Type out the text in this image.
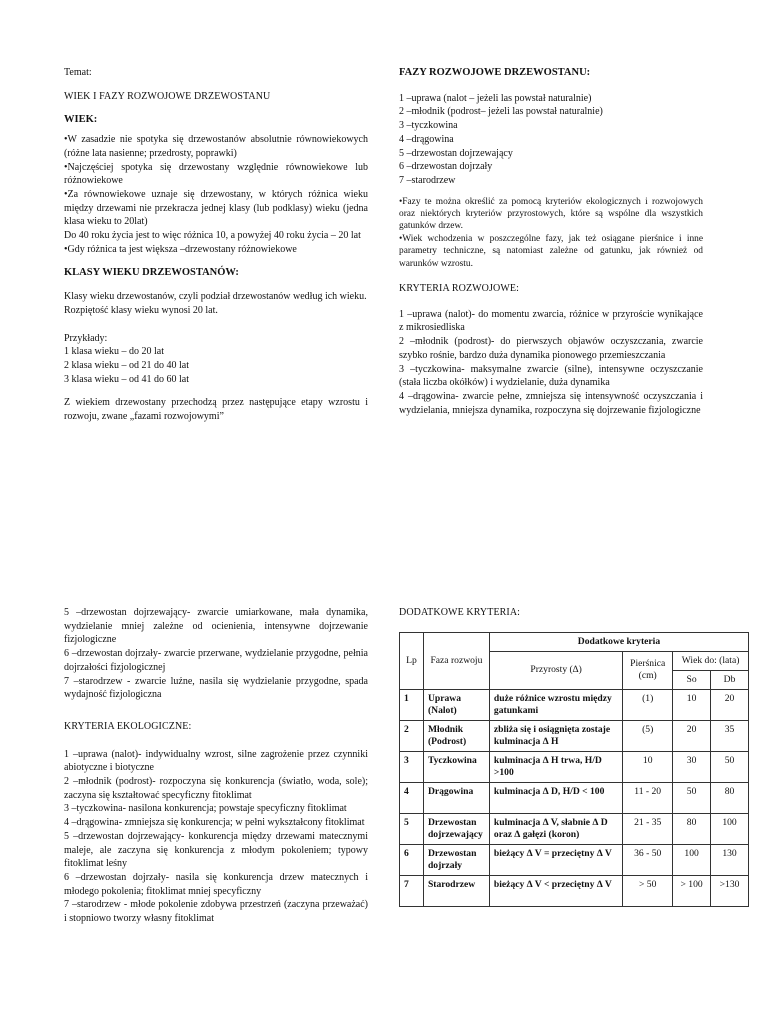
Temat:

WIEK I FAZY ROZWOJOWE DRZEWOSTANU

WIEK:

•W zasadzie nie spotyka się drzewostanów absolutnie równowiekowych (różne lata nasienne; przedrosty, poprawki)

•Najczęściej spotyka się drzewostany względnie równowiekowe lub różnowiekowe

•Za równowiekowe uznaje się drzewostany, w których różnica wieku między drzewami nie przekracza jednej klasy (lub podklasy) wieku (jedna klasa wieku to 20lat)

Do 40 roku życia jest to więc różnica 10, a powyżej 40 roku życia – 20 lat

•Gdy różnica ta jest większa –drzewostany różnowiekowe

KLASY WIEKU DRZEWOSTANÓW:

Klasy wieku drzewostanów, czyli podział drzewostanów według ich wieku.

Rozpiętość klasy wieku wynosi 20 lat.

Przykłady:

1 klasa wieku – do 20 lat

2 klasa wieku – od 21 do 40 lat

3 klasa wieku – od 41 do 60 lat

Z wiekiem drzewostany przechodzą przez następujące etapy wzrostu i rozwoju, zwane „fazami rozwojowymi”

FAZY ROZWOJOWE DRZEWOSTANU:

1 –uprawa (nalot – jeżeli las powstał naturalnie)

2 –młodnik (podrost– jeżeli las powstał naturalnie)

3 –tyczkowina

4 –drągowina

5 –drzewostan dojrzewający

6 –drzewostan dojrzały

7 –starodrzew

•Fazy te można określić za pomocą kryteriów ekologicznych i rozwojowych oraz niektórych kryteriów przyrostowych, które są wspólne dla wszystkich gatunków drzew.

•Wiek wchodzenia w poszczególne fazy, jak też osiągane pierśnice i inne parametry techniczne, są natomiast zależne od gatunku, jak również od warunków wzrostu.

KRYTERIA ROZWOJOWE:

1 –uprawa (nalot)- do momentu zwarcia, różnice w przyroście wynikające z mikrosiedliska

2 –młodnik (podrost)- do pierwszych objawów oczyszczania, zwarcie szybko rośnie, bardzo duża dynamika pionowego przemieszczania

3 –tyczkowina- maksymalne zwarcie (silne), intensywne oczyszczanie (stała liczba okółków) i wydzielanie, duża dynamika

4 –drągowina- zwarcie pełne, zmniejsza się intensywność oczyszczania i wydzielania, mniejsza dynamika, rozpoczyna się dojrzewanie fizjologiczne

5 –drzewostan dojrzewający- zwarcie umiarkowane, mała dynamika, wydzielanie mniej zależne od ocienienia, intensywne dojrzewanie fizjologiczne

6 –drzewostan dojrzały- zwarcie przerwane, wydzielanie przygodne, pełnia dojrzałości fizjologicznej

7 –starodrzew - zwarcie luźne, nasila się wydzielanie przygodne, spada wydajność fizjologiczna

KRYTERIA EKOLOGICZNE:

1 –uprawa (nalot)- indywidualny wzrost, silne zagrożenie przez czynniki abiotyczne i biotyczne

2 –młodnik (podrost)- rozpoczyna się konkurencja (światło, woda, sole); zaczyna się kształtować specyficzny fitoklimat

3 –tyczkowina- nasilona konkurencja; powstaje specyficzny fitoklimat

4 –drągowina- zmniejsza się konkurencja; w pełni wykształcony fitoklimat

5 –drzewostan dojrzewający- konkurencja między drzewami matecznymi maleje, ale zaczyna się konkurencja z młodym pokoleniem; typowy fitoklimat leśny

6 –drzewostan dojrzały- nasila się konkurencja drzew matecznych i młodego pokolenia; fitoklimat mniej specyficzny

7 –starodrzew - młode pokolenie zdobywa przestrzeń (zaczyna przeważać) i stopniowo tworzy własny fitoklimat

DODATKOWE KRYTERIA:

Lp	Faza rozwoju	Dodatkowe kryteria			
		Przyrosty (∆)	Pierśnica (cm)	Wiek do: (lata)	
				So	Db
1	Uprawa (Nalot)	duże różnice wzrostu między gatunkami	(1)	10	20
2	Młodnik (Podrost)	zbliża się i osiągnięta zostaje kulminacja ∆ H	(5)	20	35
3	Tyczkowina	kulminacja ∆ H trwa, H/D >100	10	30	50
4	Drągowina	kulminacja ∆ D, H/D < 100	11 - 20	50	80
5	Drzewostan dojrzewający	kulminacja ∆ V, słabnie ∆ D oraz ∆ gałęzi (koron)	21 - 35	80	100
6	Drzewostan dojrzały	bieżący ∆ V = przeciętny ∆ V	36 - 50	100	130
7	Starodrzew	bieżący ∆ V < przeciętny ∆ V	> 50	> 100	>130
